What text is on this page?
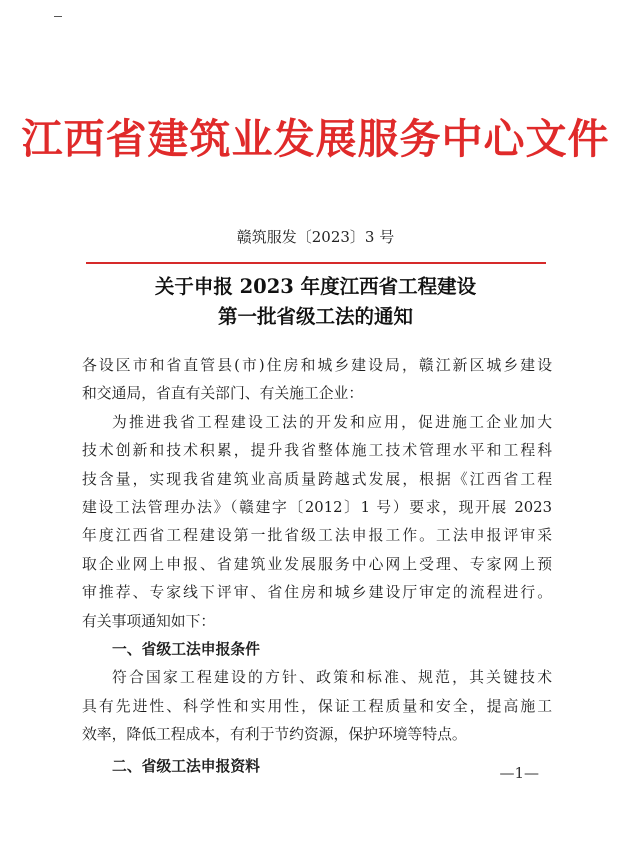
江西省建筑业发展服务中心文件
赣筑服发〔2023〕3 号
关于申报 2023 年度江西省工程建设
第一批省级工法的通知
各设区市和省直管县(市)住房和城乡建设局，赣江新区城乡建设
和交通局，省直有关部门、有关施工企业：
为推进我省工程建设工法的开发和应用，促进施工企业加大
技术创新和技术积累，提升我省整体施工技术管理水平和工程科
技含量，实现我省建筑业高质量跨越式发展，根据《江西省工程
建设工法管理办法》（赣建字〔2012〕1 号）要求，现开展 2023
年度江西省工程建设第一批省级工法申报工作。工法申报评审采
取企业网上申报、省建筑业发展服务中心网上受理、专家网上预
审推荐、专家线下评审、省住房和城乡建设厅审定的流程进行。
有关事项通知如下：
一、省级工法申报条件
符合国家工程建设的方针、政策和标准、规范，其关键技术
具有先进性、科学性和实用性，保证工程质量和安全，提高施工
效率，降低工程成本，有利于节约资源，保护环境等特点。
二、省级工法申报资料	—1—
